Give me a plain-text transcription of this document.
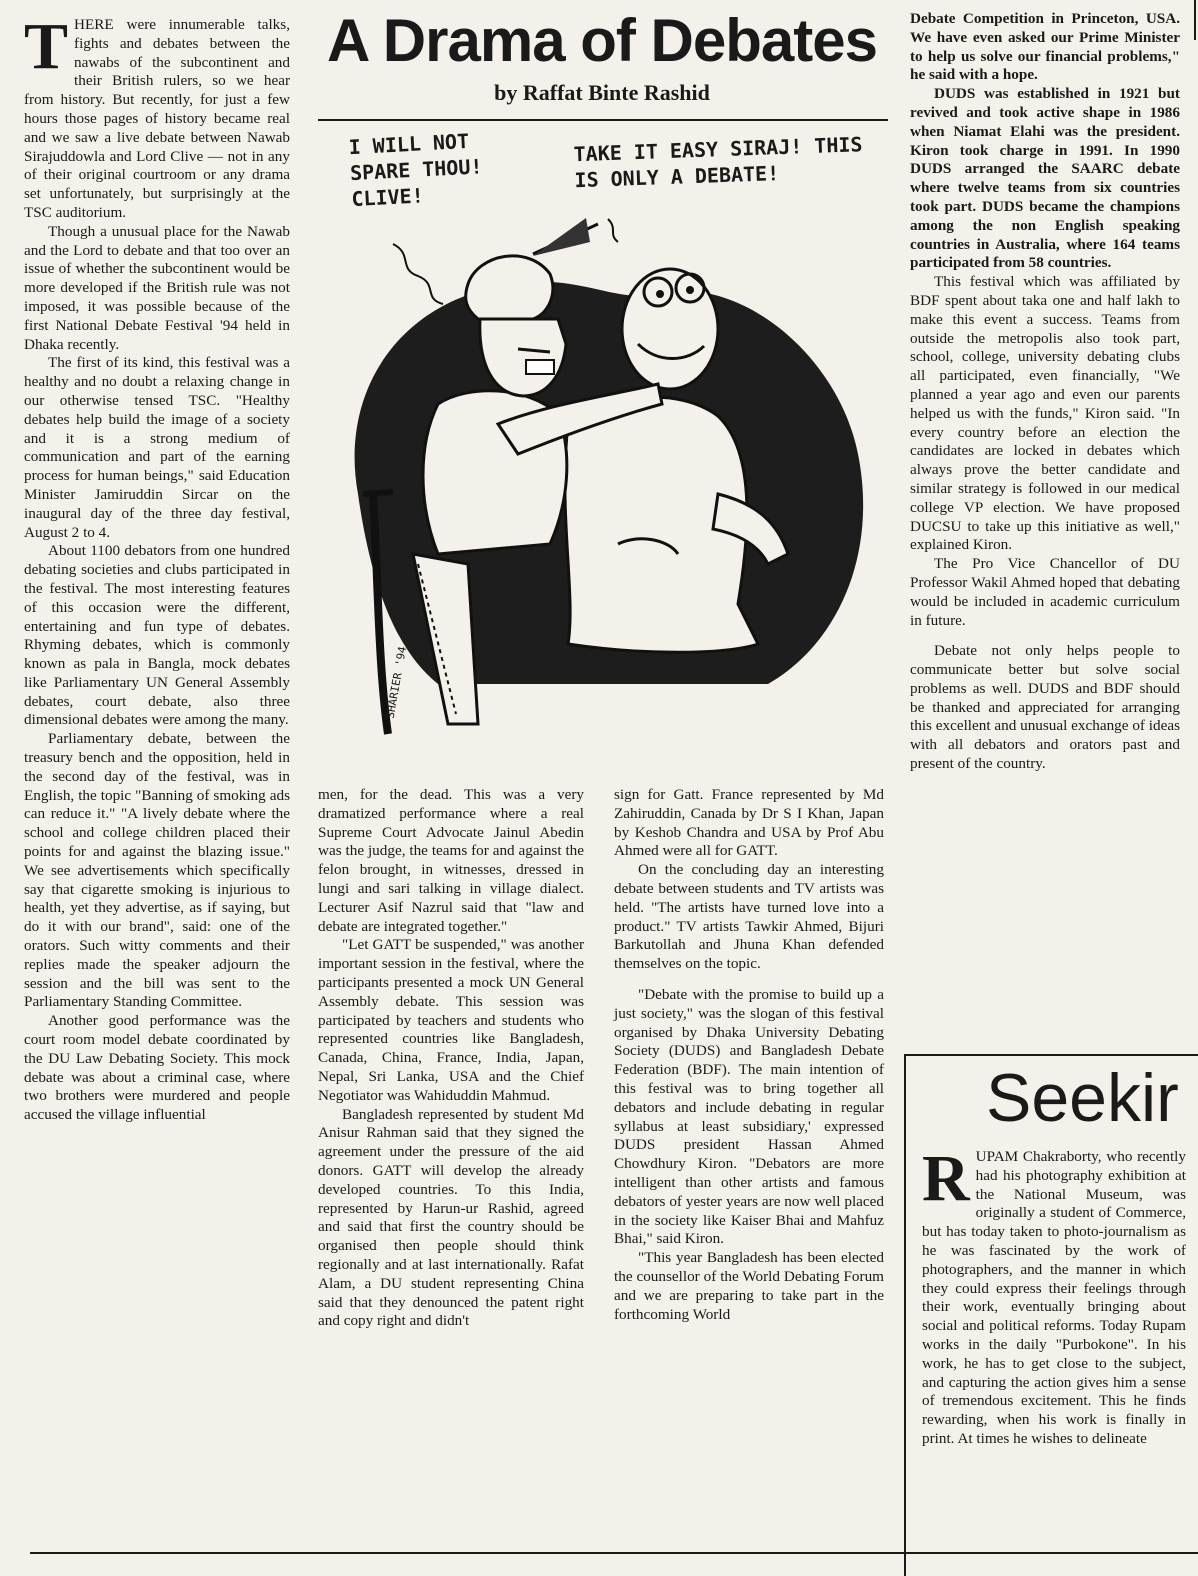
T HERE were innumerable talks, fights and debates between the nawabs of the subcontinent and their British rulers, so we hear from history. But recently, for just a few hours those pages of history became real and we saw a live debate between Nawab Sirajuddowla and Lord Clive — not in any of their original courtroom or any drama set unfortunately, but surprisingly at the TSC auditorium.

Though a unusual place for the Nawab and the Lord to debate and that too over an issue of whether the subcontinent would be more developed if the British rule was not imposed, it was possible because of the first National Debate Festival '94 held in Dhaka recently.

The first of its kind, this festival was a healthy and no doubt a relaxing change in our otherwise tensed TSC. "Healthy debates help build the image of a society and it is a strong medium of communication and part of the earning process for human beings," said Education Minister Jamiruddin Sircar on the inaugural day of the three day festival, August 2 to 4.

About 1100 debators from one hundred debating societies and clubs participated in the festival. The most interesting features of this occasion were the different, entertaining and fun type of debates. Rhyming debates, which is commonly known as pala in Bangla, mock debates like Parliamentary UN General Assembly debates, court debate, also three dimensional debates were among the many.

Parliamentary debate, between the treasury bench and the opposition, held in the second day of the festival, was in English, the topic "Banning of smoking ads can reduce it." "A lively debate where the school and college children placed their points for and against the blazing issue." We see advertisements which specifically say that cigarette smoking is injurious to health, yet they advertise, as if saying, but do it with our brand", said: one of the orators. Such witty comments and their replies made the speaker adjourn the session and the bill was sent to the Parliamentary Standing Committee.

Another good performance was the court room model debate coordinated by the DU Law Debating Society. This mock debate was about a criminal case, where two brothers were murdered and people accused the village influential

A Drama of Debates
by Raffat Binte Rashid
I WILL NOT SPARE THOU! CLIVE!
TAKE IT EASY SIRAJ! THIS IS ONLY A DEBATE!
SHARIER '94

men, for the dead. This was a very dramatized performance where a real Supreme Court Advocate Jainul Abedin was the judge, the teams for and against the felon brought, in witnesses, dressed in lungi and sari talking in village dialect. Lecturer Asif Nazrul said that "law and debate are integrated together."

"Let GATT be suspended," was another important session in the festival, where the participants presented a mock UN General Assembly debate. This session was participated by teachers and students who represented countries like Bangladesh, Canada, China, France, India, Japan, Nepal, Sri Lanka, USA and the Chief Negotiator was Wahiduddin Mahmud.

Bangladesh represented by student Md Anisur Rahman said that they signed the agreement under the pressure of the aid donors. GATT will develop the already developed countries. To this India, represented by Harun-ur Rashid, agreed and said that first the country should be organised then people should think regionally and at last internationally. Rafat Alam, a DU student representing China said that they denounced the patent right and copy right and didn't

sign for Gatt. France represented by Md Zahiruddin, Canada by Dr S I Khan, Japan by Keshob Chandra and USA by Prof Abu Ahmed were all for GATT.

On the concluding day an interesting debate between students and TV artists was held. "The artists have turned love into a product." TV artists Tawkir Ahmed, Bijuri Barkutollah and Jhuna Khan defended themselves on the topic.

"Debate with the promise to build up a just society," was the slogan of this festival organised by Dhaka University Debating Society (DUDS) and Bangladesh Debate Federation (BDF). The main intention of this festival was to bring together all debators and include debating in regular syllabus at least subsidiary,' expressed DUDS president Hassan Ahmed Chowdhury Kiron. "Debators are more intelligent than other artists and famous debators of yester years are now well placed in the society like Kaiser Bhai and Mahfuz Bhai," said Kiron.

"This year Bangladesh has been elected the counsellor of the World Debating Forum and we are preparing to take part in the forthcoming World

Debate Competition in Princeton, USA. We have even asked our Prime Minister to help us solve our financial problems," he said with a hope.

DUDS was established in 1921 but revived and took active shape in 1986 when Niamat Elahi was the president. Kiron took charge in 1991. In 1990 DUDS arranged the SAARC debate where twelve teams from six countries took part. DUDS became the champions among the non English speaking countries in Australia, where 164 teams participated from 58 countries.

This festival which was affiliated by BDF spent about taka one and half lakh to make this event a success. Teams from outside the metropolis also took part, school, college, university debating clubs all participated, even financially, "We planned a year ago and even our parents helped us with the funds," Kiron said. "In every country before an election the candidates are locked in debates which always prove the better candidate and similar strategy is followed in our medical college VP election. We have proposed DUCSU to take up this initiative as well," explained Kiron.

The Pro Vice Chancellor of DU Professor Wakil Ahmed hoped that debating would be included in academic curriculum in future.

Debate not only helps people to communicate better but solve social problems as well. DUDS and BDF should be thanked and appreciated for arranging this excellent and unusual exchange of ideas with all debators and orators past and present of the country.

Seekir
R UPAM Chakraborty, who recently had his photography exhibition at the National Museum, was originally a student of Commerce, but has today taken to photo-journalism as he was fascinated by the work of photographers, and the manner in which they could express their feelings through their work, eventually bringing about social and political reforms. Today Rupam works in the daily "Purbokone". In his work, he has to get close to the subject, and capturing the action gives him a sense of tremendous excitement. This he finds rewarding, when his work is finally in print. At times he wishes to delineate
